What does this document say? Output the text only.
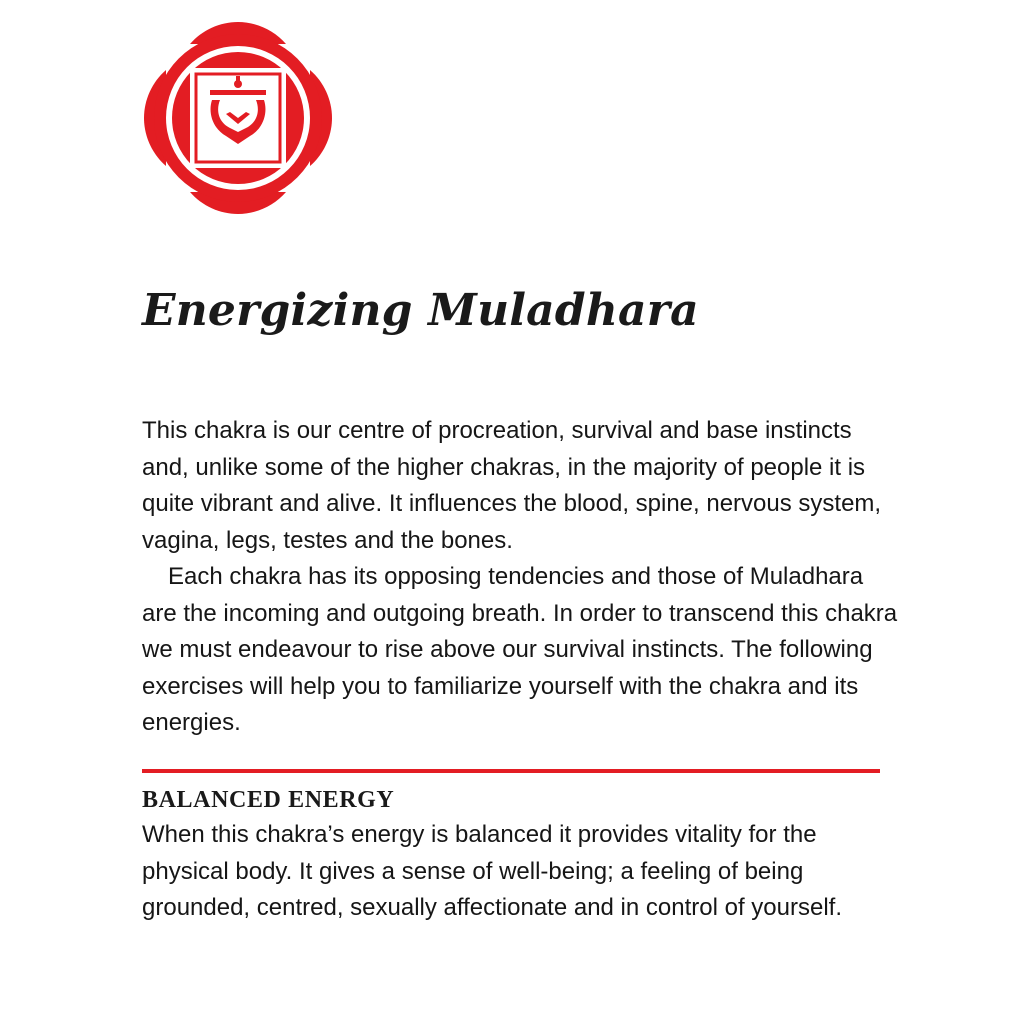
Energizing Muladhara

This chakra is our centre of procreation, survival and base instincts and, unlike some of the higher chakras, in the majority of people it is quite vibrant and alive. It influences the blood, spine, nervous system, vagina, legs, testes and the bones.

Each chakra has its opposing tendencies and those of Muladhara are the incoming and outgoing breath. In order to transcend this chakra we must endeavour to rise above our survival instincts. The following exercises will help you to familiarize yourself with the chakra and its energies.

BALANCED ENERGY

When this chakra’s energy is balanced it provides vitality for the physical body. It gives a sense of well-being; a feeling of being grounded, centred, sexually affectionate and in control of yourself.
